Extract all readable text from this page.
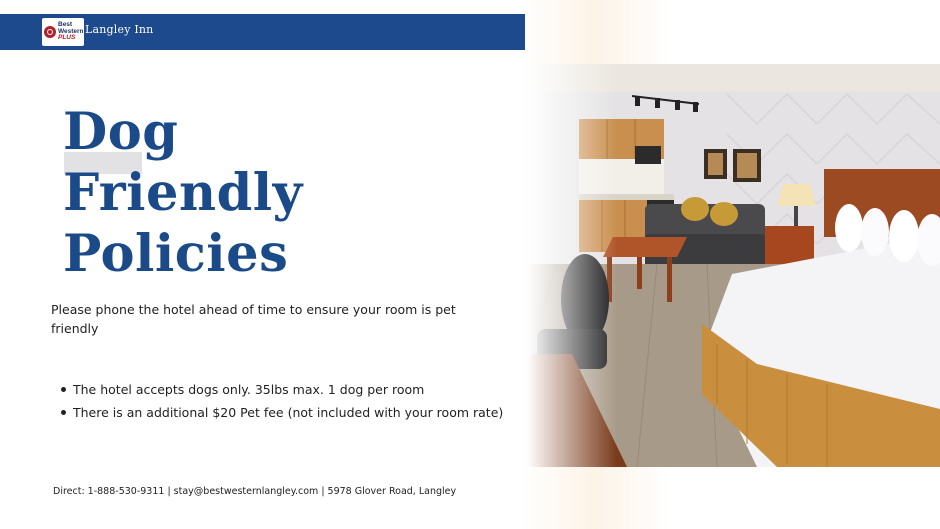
Best
Western
PLUS
Langley Inn
Dog
Friendly
Policies

Please phone the hotel ahead of time to ensure your room is pet friendly

The hotel accepts dogs only. 35lbs max. 1 dog per room
There is an additional $20 Pet fee (not included with your room rate)
Direct: 1-888-530-9311 | stay@bestwesternlangley.com | 5978 Glover Road, Langley
